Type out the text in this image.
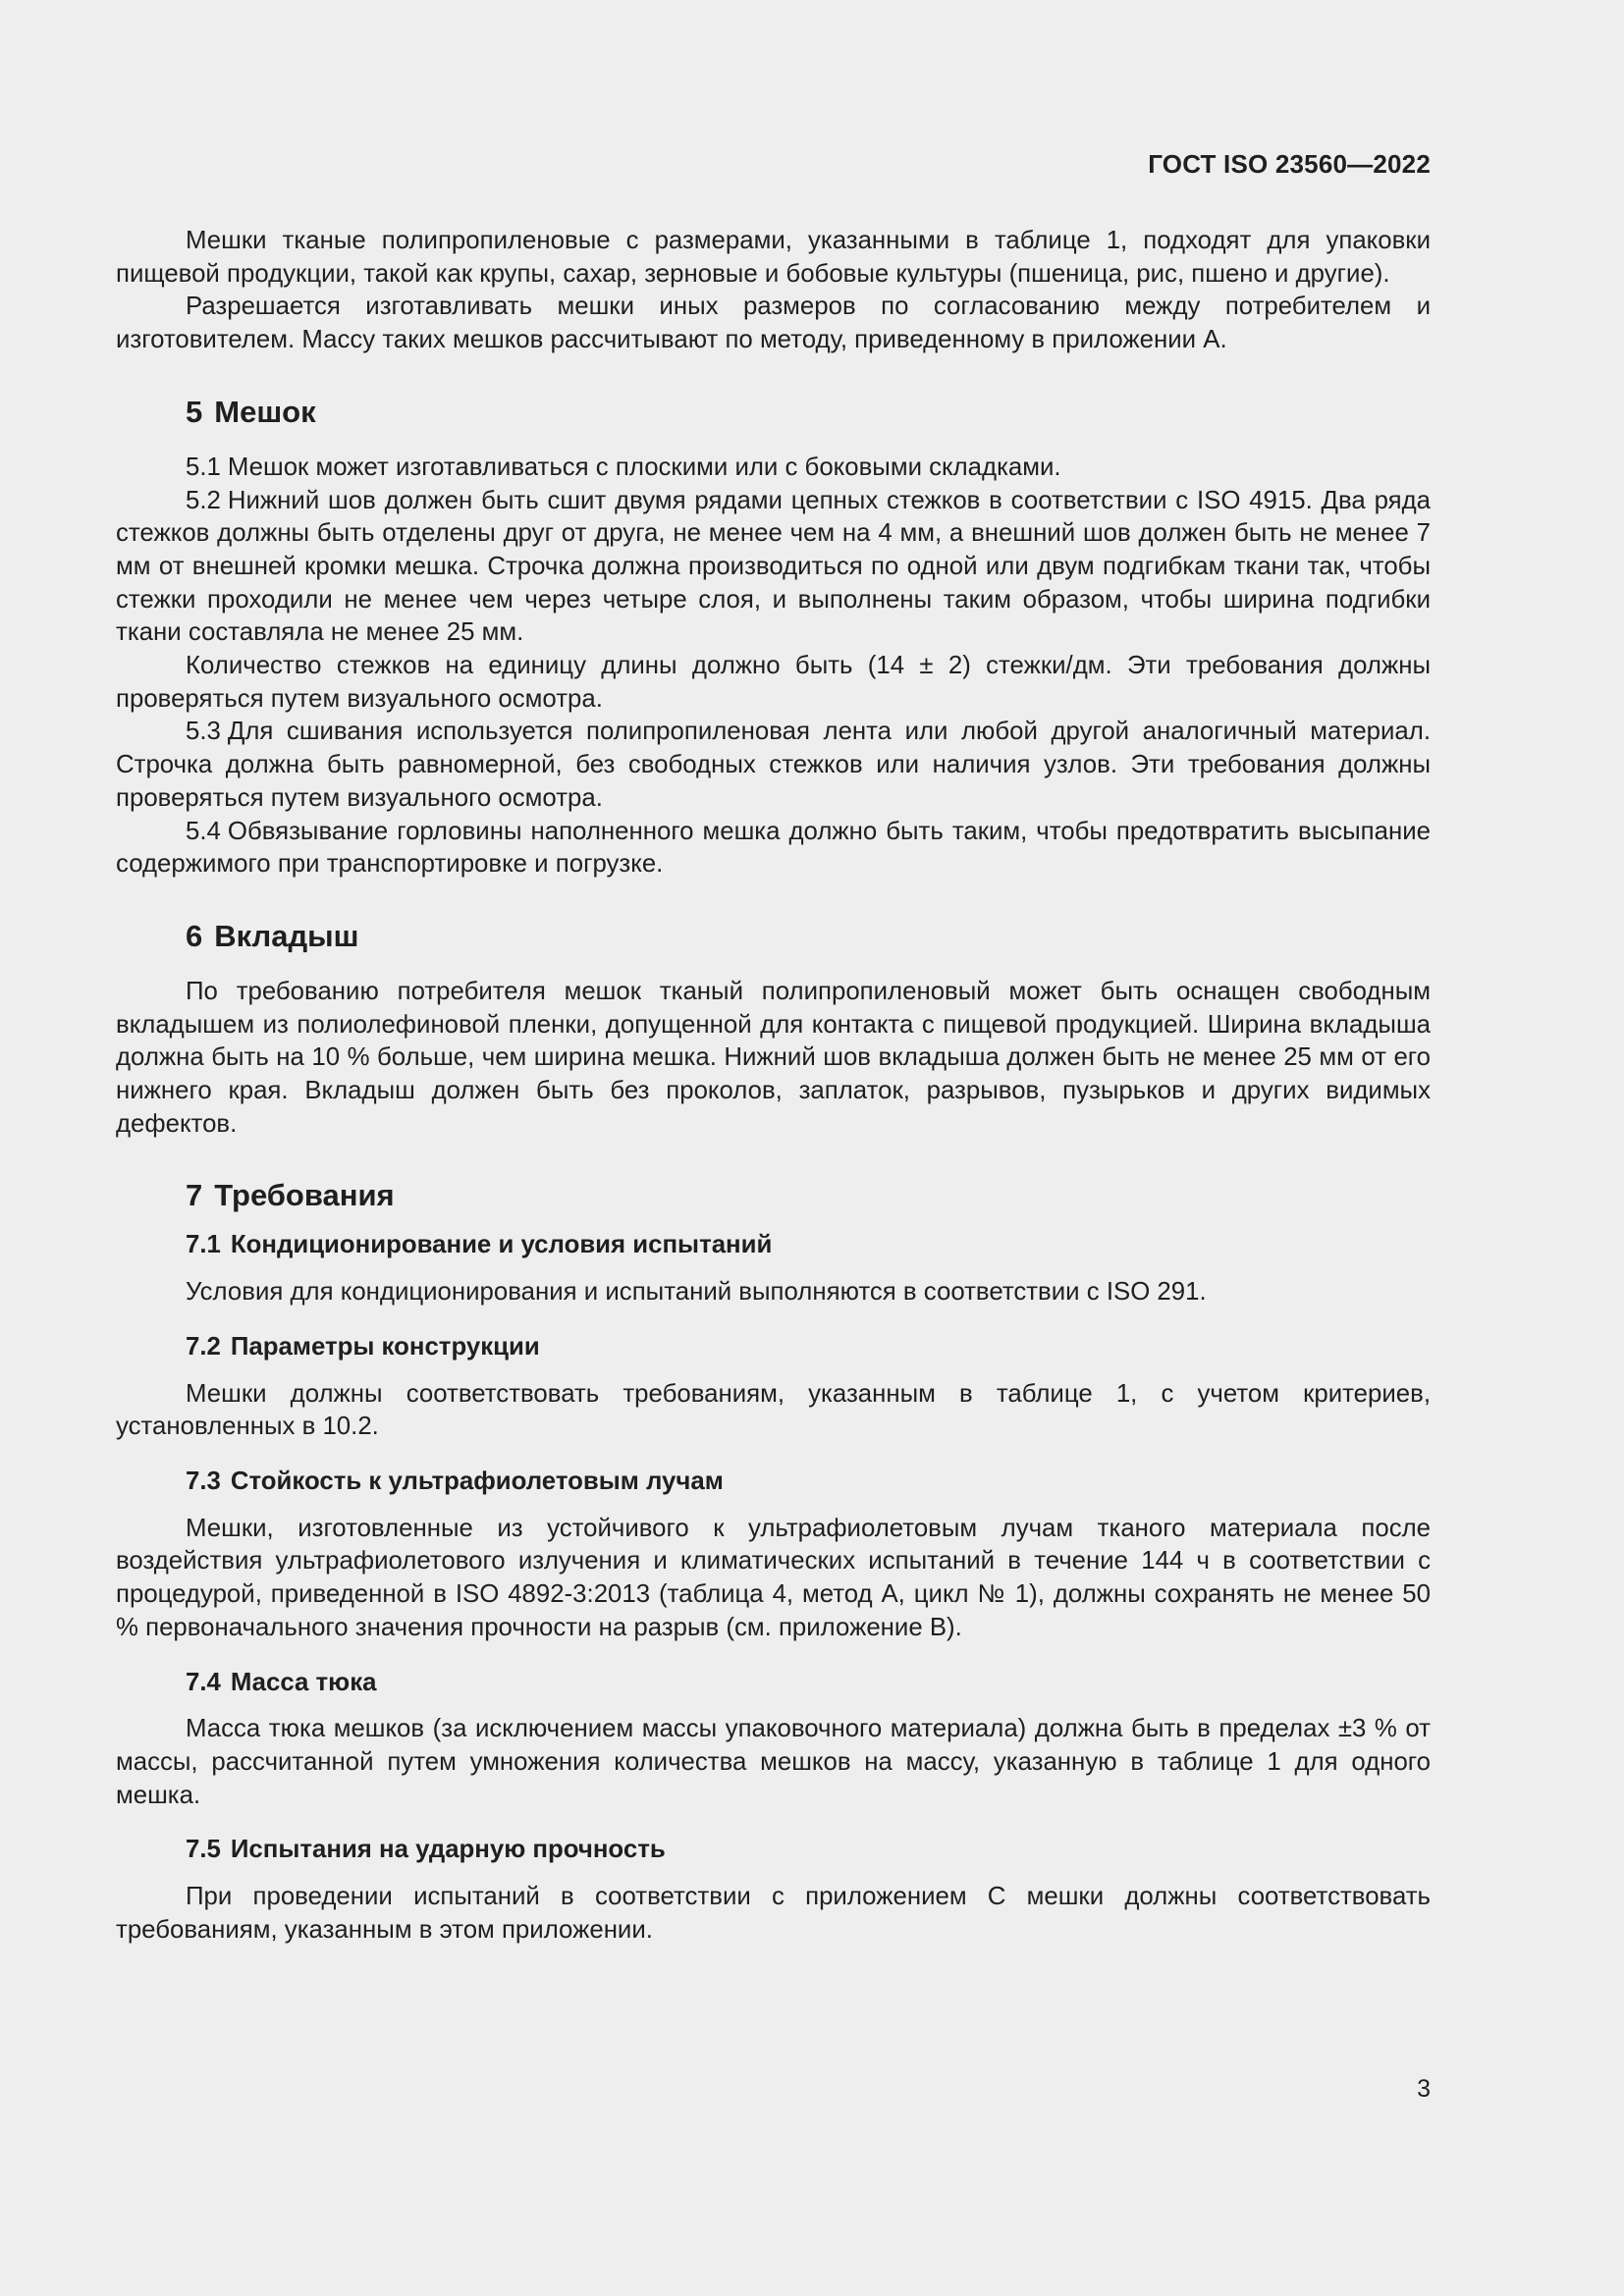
ГОСТ ISO 23560—2022

Мешки тканые полипропиленовые с размерами, указанными в таблице 1, подходят для упаковки пищевой продукции, такой как крупы, сахар, зерновые и бобовые культуры (пшеница, рис, пшено и другие).

Разрешается изготавливать мешки иных размеров по согласованию между потребителем и изготовителем. Массу таких мешков рассчитывают по методу, приведенному в приложении А.

5 Мешок

5.1 Мешок может изготавливаться с плоскими или с боковыми складками.

5.2 Нижний шов должен быть сшит двумя рядами цепных стежков в соответствии с ISO 4915. Два ряда стежков должны быть отделены друг от друга, не менее чем на 4 мм, а внешний шов должен быть не менее 7 мм от внешней кромки мешка. Строчка должна производиться по одной или двум подгибкам ткани так, чтобы стежки проходили не менее чем через четыре слоя, и выполнены таким образом, чтобы ширина подгибки ткани составляла не менее 25 мм.

Количество стежков на единицу длины должно быть (14 ± 2) стежки/дм. Эти требования должны проверяться путем визуального осмотра.

5.3 Для сшивания используется полипропиленовая лента или любой другой аналогичный материал. Строчка должна быть равномерной, без свободных стежков или наличия узлов. Эти требования должны проверяться путем визуального осмотра.

5.4 Обвязывание горловины наполненного мешка должно быть таким, чтобы предотвратить высыпание содержимого при транспортировке и погрузке.

6 Вкладыш

По требованию потребителя мешок тканый полипропиленовый может быть оснащен свободным вкладышем из полиолефиновой пленки, допущенной для контакта с пищевой продукцией. Ширина вкладыша должна быть на 10 % больше, чем ширина мешка. Нижний шов вкладыша должен быть не менее 25 мм от его нижнего края. Вкладыш должен быть без проколов, заплаток, разрывов, пузырьков и других видимых дефектов.

7 Требования
7.1 Кондиционирование и условия испытаний

Условия для кондиционирования и испытаний выполняются в соответствии с ISO 291.

7.2 Параметры конструкции

Мешки должны соответствовать требованиям, указанным в таблице 1, с учетом критериев, установленных в 10.2.

7.3 Стойкость к ультрафиолетовым лучам

Мешки, изготовленные из устойчивого к ультрафиолетовым лучам тканого материала после воздействия ультрафиолетового излучения и климатических испытаний в течение 144 ч в соответствии с процедурой, приведенной в ISO 4892-3:2013 (таблица 4, метод А, цикл № 1), должны сохранять не менее 50 % первоначального значения прочности на разрыв (см. приложение В).

7.4 Масса тюка

Масса тюка мешков (за исключением массы упаковочного материала) должна быть в пределах ±3 % от массы, рассчитанной путем умножения количества мешков на массу, указанную в таблице 1 для одного мешка.

7.5 Испытания на ударную прочность

При проведении испытаний в соответствии с приложением С мешки должны соответствовать требованиям, указанным в этом приложении.

3
